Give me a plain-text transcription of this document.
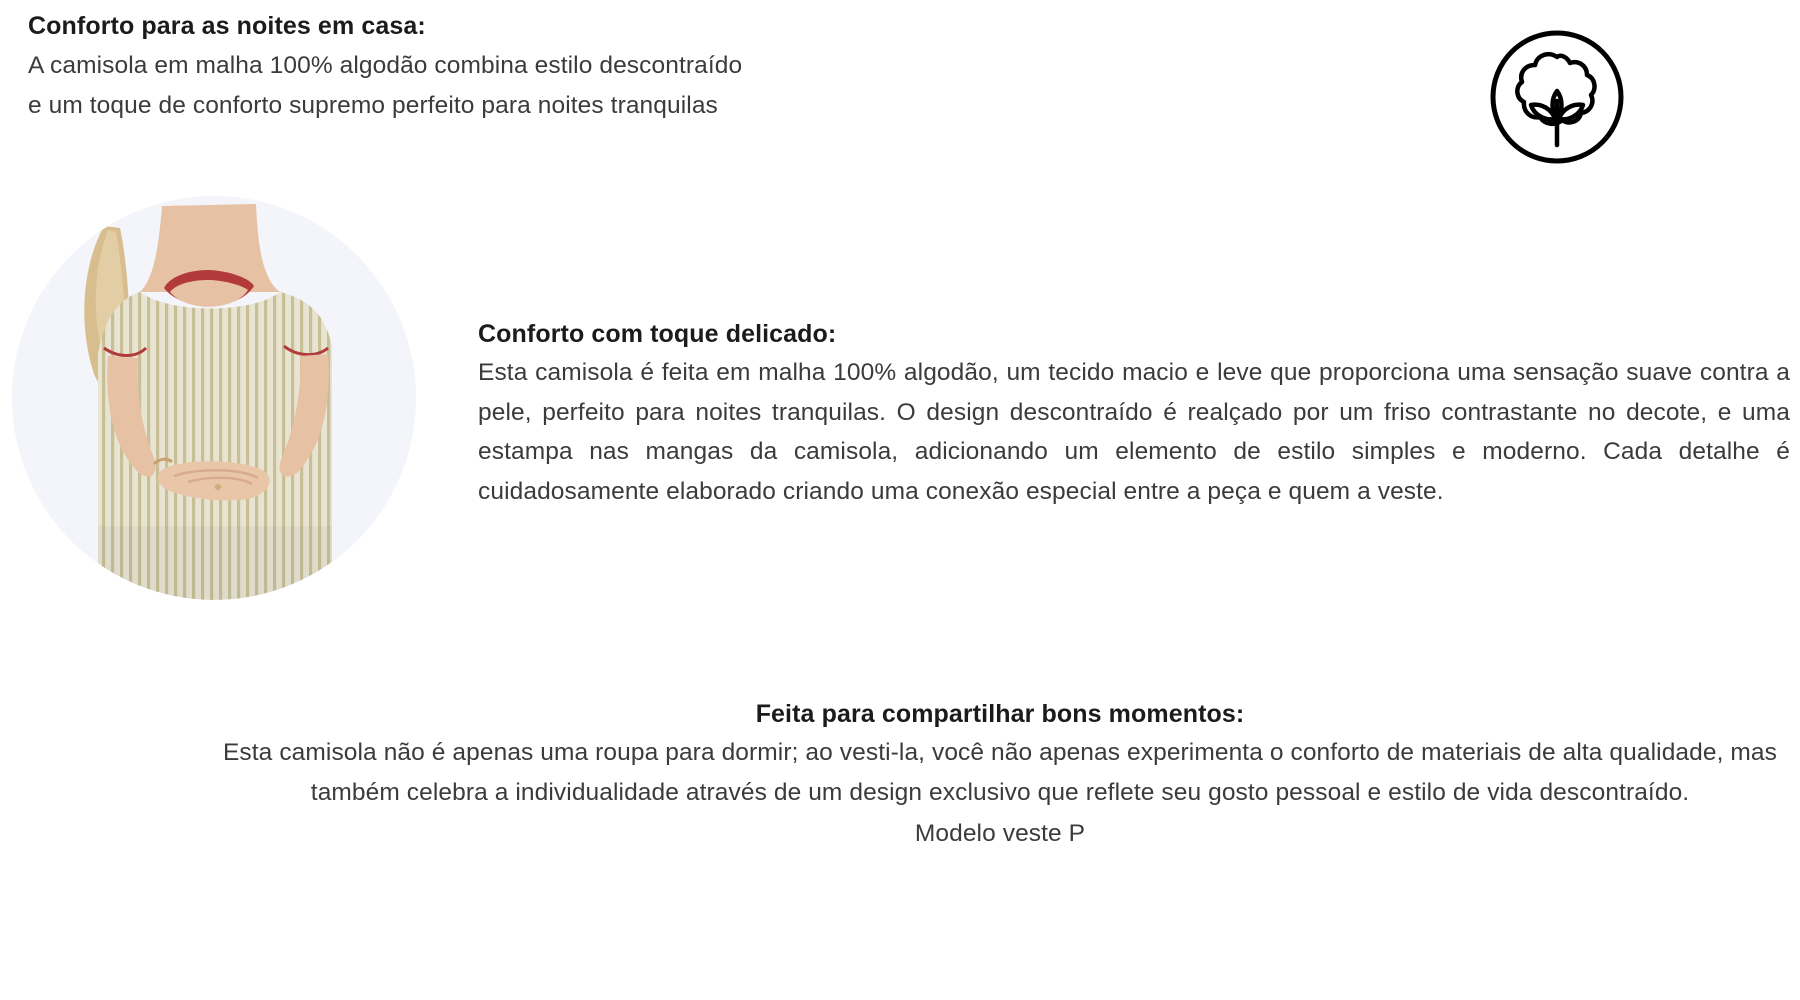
Conforto para as noites em casa:
A camisola em malha 100% algodão combina estilo descontraído
e um toque de conforto supremo perfeito para noites tranquilas
Conforto com toque delicado:
Esta camisola é feita em malha 100% algodão, um tecido macio e leve que proporciona uma sensação suave contra a pele, perfeito para noites tranquilas. O design descontraído é realçado por um friso contrastante no decote, e uma estampa nas mangas da camisola, adicionando um elemento de estilo simples e moderno. Cada detalhe é cuidadosamente elaborado criando uma conexão especial entre a peça e quem a veste.
Feita para compartilhar bons momentos:
Esta camisola não é apenas uma roupa para dormir; ao vesti-la, você não apenas experimenta o conforto de materiais de alta qualidade, mas também celebra a individualidade através de um design exclusivo que reflete seu gosto pessoal e estilo de vida descontraído.
Modelo veste P
